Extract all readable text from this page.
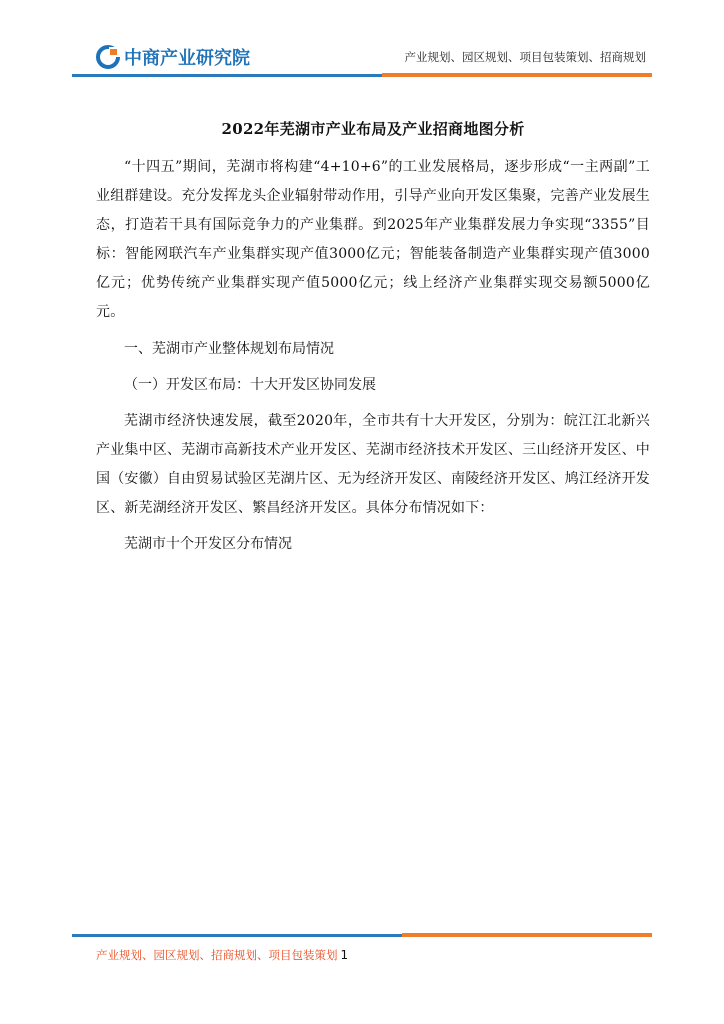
中商产业研究院	产业规划、园区规划、项目包装策划、招商规划
2022年芜湖市产业布局及产业招商地图分析

“十四五”期间，芜湖市将构建“4+10+6”的工业发展格局，逐步形成“一主两副”工业组群建设。充分发挥龙头企业辐射带动作用，引导产业向开发区集聚，完善产业发展生态，打造若干具有国际竞争力的产业集群。到2025年产业集群发展力争实现“3355”目标：智能网联汽车产业集群实现产值3000亿元；智能装备制造产业集群实现产值3000亿元；优势传统产业集群实现产值5000亿元；线上经济产业集群实现交易额5000亿元。

一、芜湖市产业整体规划布局情况

（一）开发区布局：十大开发区协同发展

芜湖市经济快速发展，截至2020年，全市共有十大开发区，分别为：皖江江北新兴产业集中区、芜湖市高新技术产业开发区、芜湖市经济技术开发区、三山经济开发区、中国（安徽）自由贸易试验区芜湖片区、无为经济开发区、南陵经济开发区、鸠江经济开发区、新芜湖经济开发区、繁昌经济开发区。具体分布情况如下：

芜湖市十个开发区分布情况

产业规划、园区规划、招商规划、项目包装策划 1
